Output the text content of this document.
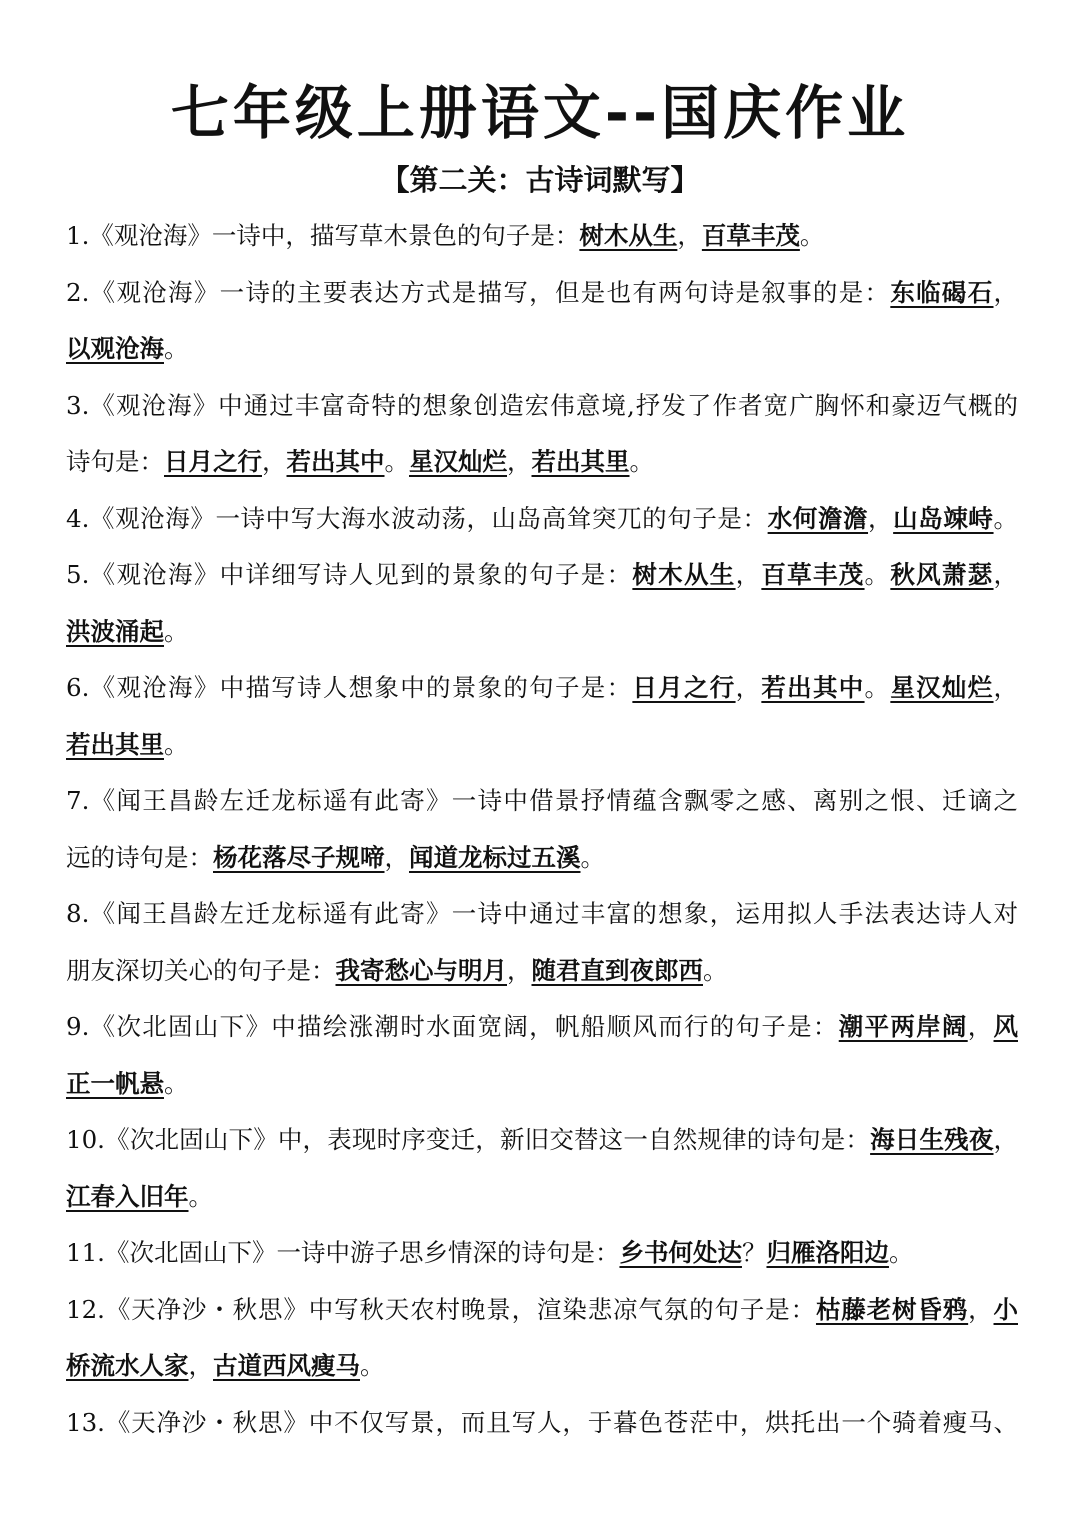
七年级上册语文--国庆作业
【第二关：古诗词默写】
1.《观沧海》一诗中，描写草木景色的句子是：树木从生，百草丰茂。
2.《观沧海》一诗的主要表达方式是描写，但是也有两句诗是叙事的是：东临碣石，
以观沧海。
3.《观沧海》中通过丰富奇特的想象创造宏伟意境,抒发了作者宽广胸怀和豪迈气概的
诗句是：日月之行，若出其中。星汉灿烂，若出其里。
4.《观沧海》一诗中写大海水波动荡，山岛高耸突兀的句子是：水何澹澹，山岛竦峙。
5.《观沧海》中详细写诗人见到的景象的句子是：树木从生，百草丰茂。秋风萧瑟，
洪波涌起。
6.《观沧海》中描写诗人想象中的景象的句子是：日月之行，若出其中。星汉灿烂，
若出其里。
7.《闻王昌龄左迁龙标遥有此寄》一诗中借景抒情蕴含飘零之感、离别之恨、迁谪之
远的诗句是：杨花落尽子规啼，闻道龙标过五溪。
8.《闻王昌龄左迁龙标遥有此寄》一诗中通过丰富的想象，运用拟人手法表达诗人对
朋友深切关心的句子是：我寄愁心与明月，随君直到夜郎西。
9.《次北固山下》中描绘涨潮时水面宽阔，帆船顺风而行的句子是：潮平两岸阔，风
正一帆悬。
10.《次北固山下》中，表现时序变迁，新旧交替这一自然规律的诗句是：海日生残夜，
江春入旧年。
11.《次北固山下》一诗中游子思乡情深的诗句是：乡书何处达？归雁洛阳边。
12.《天净沙・秋思》中写秋天农村晚景，渲染悲凉气氛的句子是：枯藤老树昏鸦，小
桥流水人家，古道西风瘦马。
13.《天净沙・秋思》中不仅写景，而且写人，于暮色苍茫中，烘托出一个骑着瘦马、
